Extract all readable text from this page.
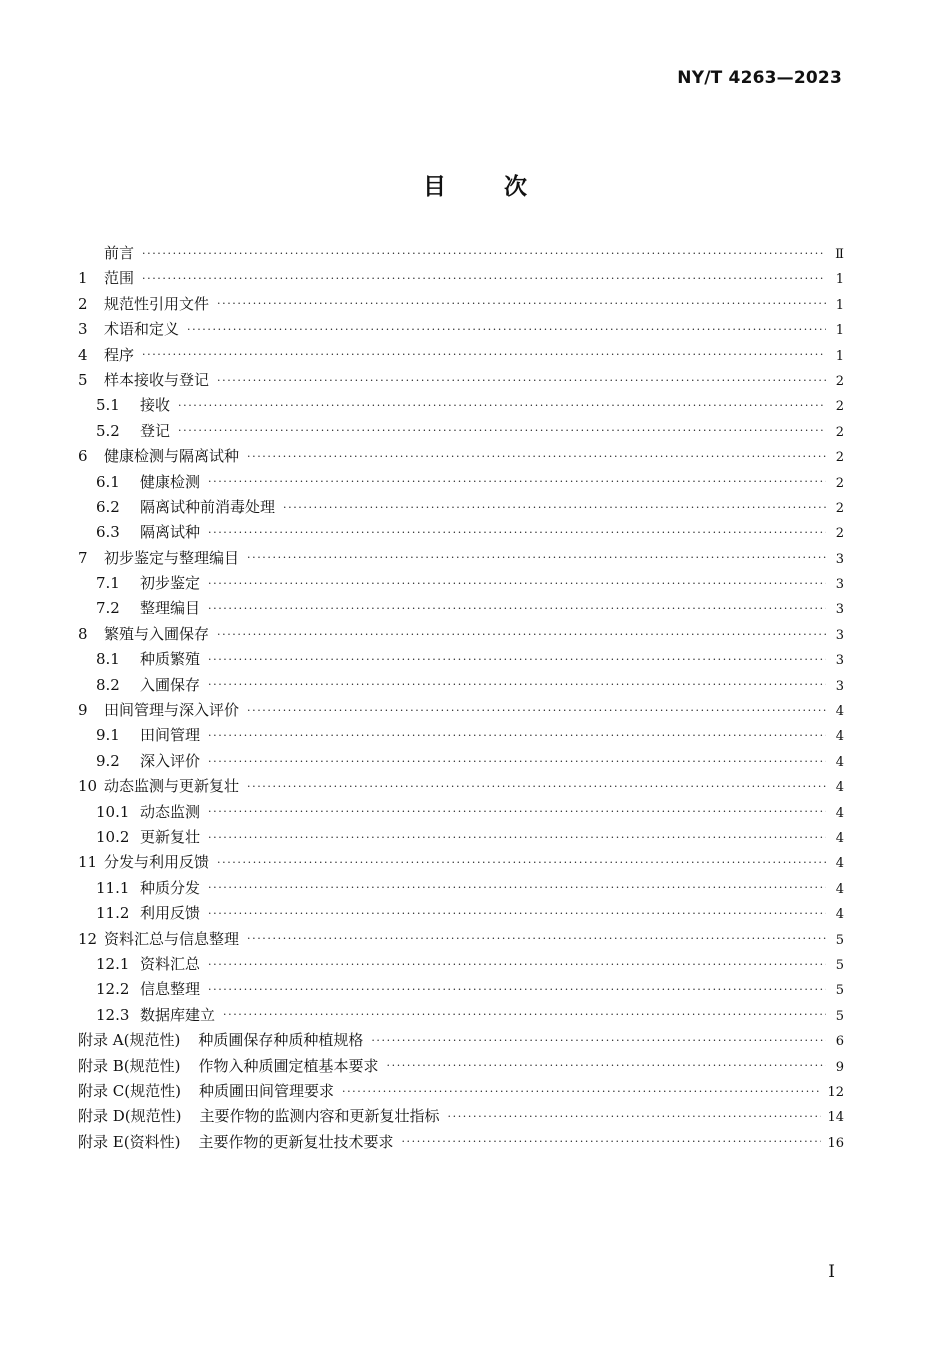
NY/T 4263—2023
目	次
前言 ·····	Ⅱ
1	范围 ·····	1
2	规范性引用文件 ·····	1
3	术语和定义 ·····	1
4	程序 ·····	1
5	样本接收与登记 ·····	2
5.1	接收 ·····	2
5.2	登记 ·····	2
6	健康检测与隔离试种 ·····	2
6.1	健康检测 ·····	2
6.2	隔离试种前消毒处理 ·····	2
6.3	隔离试种 ·····	2
7	初步鉴定与整理编目 ·····	3
7.1	初步鉴定 ·····	3
7.2	整理编目 ·····	3
8	繁殖与入圃保存 ·····	3
8.1	种质繁殖 ·····	3
8.2	入圃保存 ·····	3
9	田间管理与深入评价 ·····	4
9.1	田间管理 ·····	4
9.2	深入评价 ·····	4
10 动态监测与更新复壮 ·····	4
10.1 动态监测 ·····	4
10.2 更新复壮 ·····	4
11 分发与利用反馈 ·····	4
11.1 种质分发 ·····	4
11.2 利用反馈 ·····	4
12 资料汇总与信息整理 ·····	5
12.1 资料汇总 ·····	5
12.2 信息整理 ·····	5
12.3 数据库建立 ·····	5
附录 A(规范性) 种质圃保存种质种植规格 ·····	6
附录 B(规范性) 作物入种质圃定植基本要求 ·····	9
附录 C(规范性) 种质圃田间管理要求 ·····	12
附录 D(规范性) 主要作物的监测内容和更新复壮指标 ·····	14
附录 E(资料性) 主要作物的更新复壮技术要求 ·····	16
I
